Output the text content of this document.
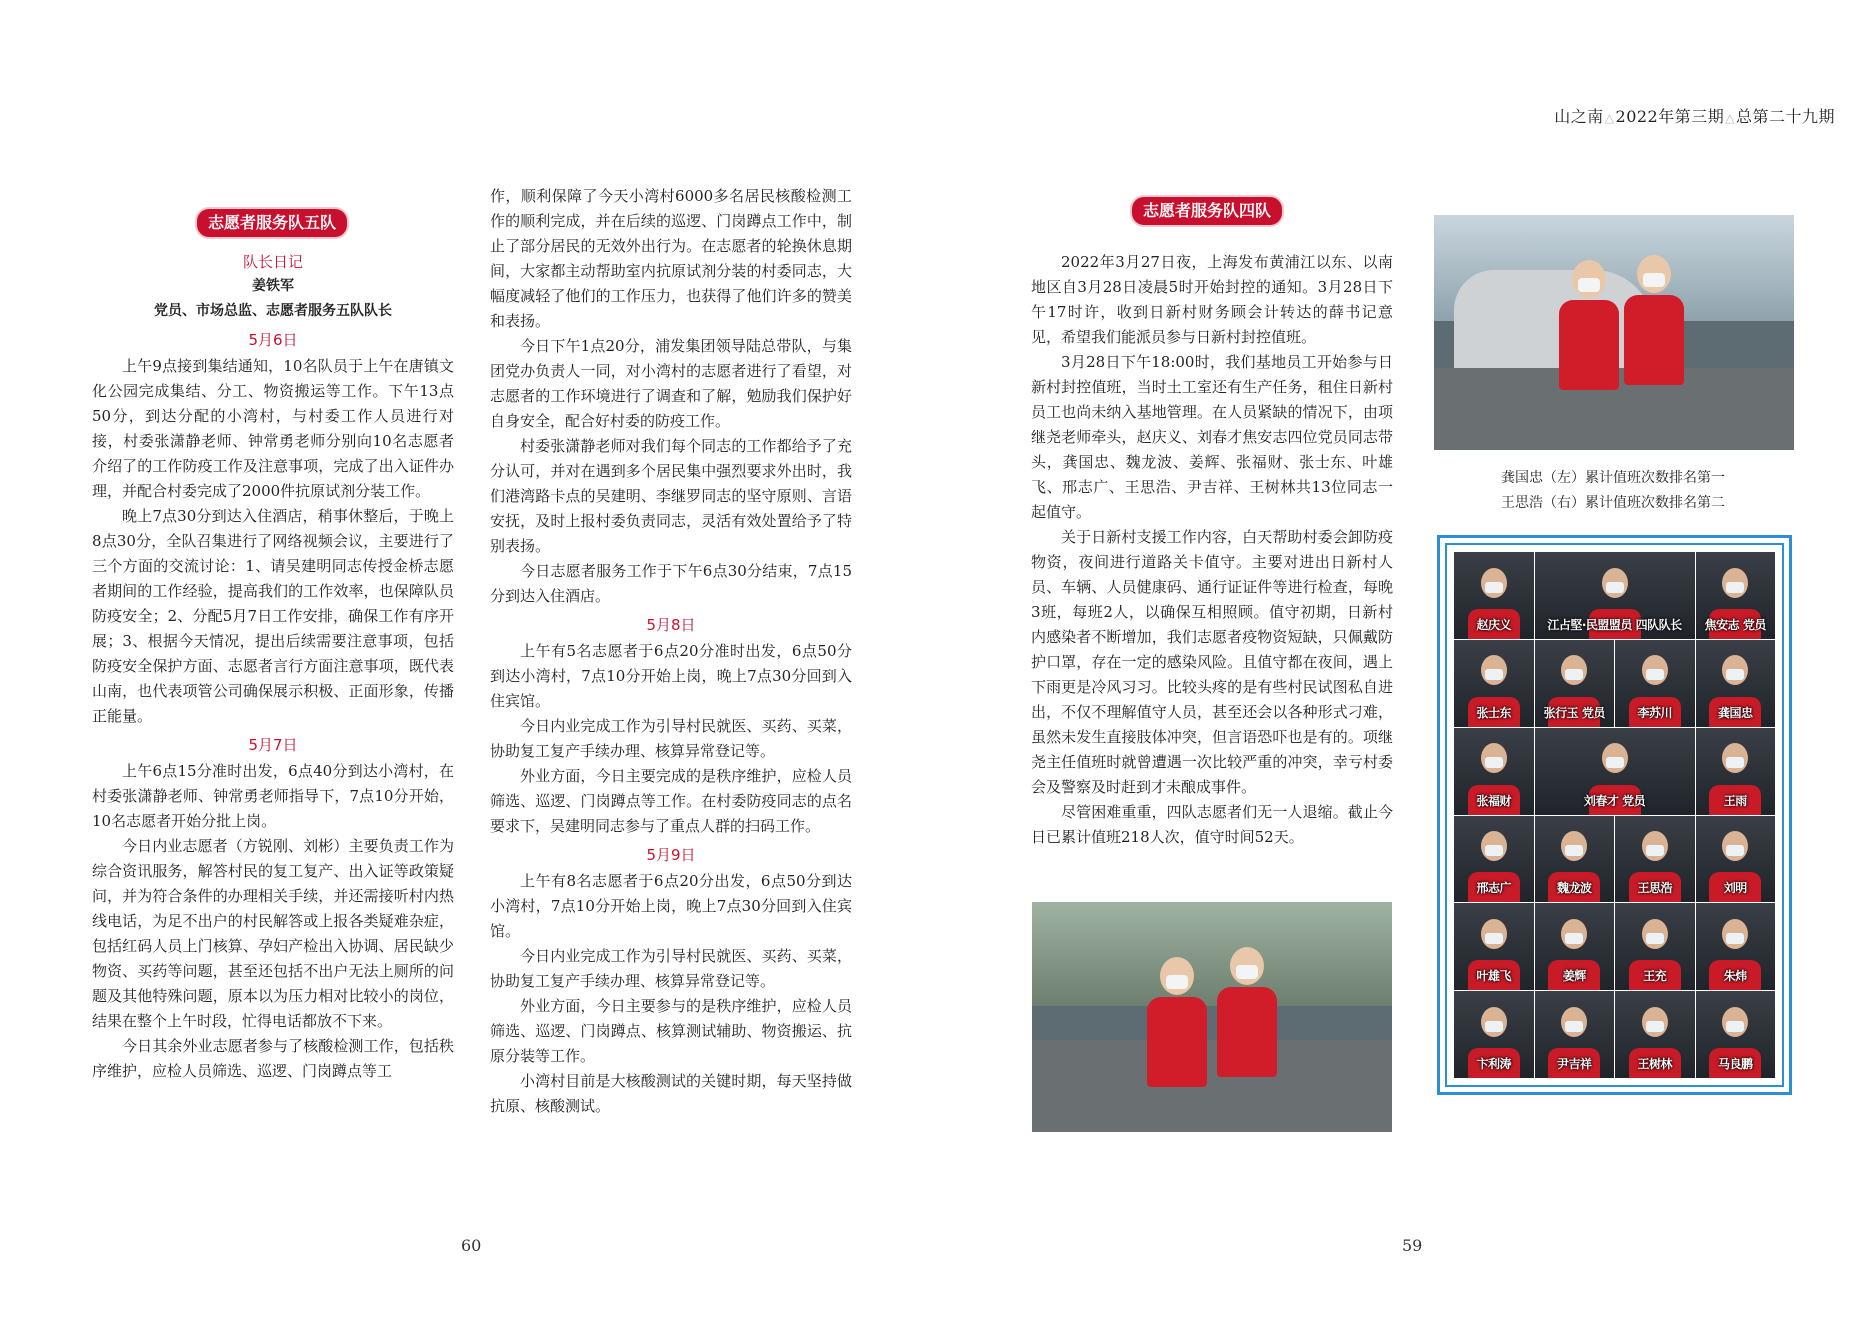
山之南△2022年第三期△总第二十九期
志愿者服务队五队
队长日记
姜铁军
党员、市场总监、志愿者服务五队队长
5月6日

上午9点接到集结通知，10名队员于上午在唐镇文化公园完成集结、分工、物资搬运等工作。下午13点50分，到达分配的小湾村，与村委工作人员进行对接，村委张潇静老师、钟常勇老师分别向10名志愿者介绍了的工作防疫工作及注意事项，完成了出入证件办理，并配合村委完成了2000件抗原试剂分装工作。

晚上7点30分到达入住酒店，稍事休整后，于晚上8点30分，全队召集进行了网络视频会议，主要进行了三个方面的交流讨论：1、请吴建明同志传授金桥志愿者期间的工作经验，提高我们的工作效率，也保障队员防疫安全；2、分配5月7日工作安排，确保工作有序开展；3、根据今天情况，提出后续需要注意事项，包括防疫安全保护方面、志愿者言行方面注意事项，既代表山南，也代表项管公司确保展示积极、正面形象，传播正能量。

5月7日

上午6点15分准时出发，6点40分到达小湾村，在村委张潇静老师、钟常勇老师指导下，7点10分开始，10名志愿者开始分批上岗。

今日内业志愿者（方锐刚、刘彬）主要负责工作为综合资讯服务，解答村民的复工复产、出入证等政策疑问，并为符合条件的办理相关手续，并还需接听村内热线电话，为足不出户的村民解答或上报各类疑难杂症，包括红码人员上门核算、孕妇产检出入协调、居民缺少物资、买药等问题，甚至还包括不出户无法上厕所的问题及其他特殊问题，原本以为压力相对比较小的岗位，结果在整个上午时段，忙得电话都放不下来。

今日其余外业志愿者参与了核酸检测工作，包括秩序维护，应检人员筛选、巡逻、门岗蹲点等工

作，顺利保障了今天小湾村6000多名居民核酸检测工作的顺利完成，并在后续的巡逻、门岗蹲点工作中，制止了部分居民的无效外出行为。在志愿者的轮换休息期间，大家都主动帮助室内抗原试剂分装的村委同志，大幅度减轻了他们的工作压力，也获得了他们许多的赞美和表扬。

今日下午1点20分，浦发集团领导陆总带队，与集团党办负责人一同，对小湾村的志愿者进行了看望，对志愿者的工作环境进行了调查和了解，勉励我们保护好自身安全，配合好村委的防疫工作。

村委张潇静老师对我们每个同志的工作都给予了充分认可，并对在遇到多个居民集中强烈要求外出时，我们港湾路卡点的吴建明、李继罗同志的坚守原则、言语安抚，及时上报村委负责同志，灵活有效处置给予了特别表扬。

今日志愿者服务工作于下午6点30分结束，7点15分到达入住酒店。

5月8日

上午有5名志愿者于6点20分准时出发，6点50分到达小湾村，7点10分开始上岗，晚上7点30分回到入住宾馆。

今日内业完成工作为引导村民就医、买药、买菜，协助复工复产手续办理、核算异常登记等。

外业方面，今日主要完成的是秩序维护，应检人员筛选、巡逻、门岗蹲点等工作。在村委防疫同志的点名要求下，吴建明同志参与了重点人群的扫码工作。

5月9日

上午有8名志愿者于6点20分出发，6点50分到达小湾村，7点10分开始上岗，晚上7点30分回到入住宾馆。

今日内业完成工作为引导村民就医、买药、买菜，协助复工复产手续办理、核算异常登记等。

外业方面，今日主要参与的是秩序维护，应检人员筛选、巡逻、门岗蹲点、核算测试辅助、物资搬运、抗原分装等工作。

小湾村目前是大核酸测试的关键时期，每天坚持做抗原、核酸测试。

60
志愿者服务队四队

2022年3月27日夜，上海发布黄浦江以东、以南地区自3月28日凌晨5时开始封控的通知。3月28日下午17时许，收到日新村财务顾会计转达的薛书记意见，希望我们能派员参与日新村封控值班。

3月28日下午18:00时，我们基地员工开始参与日新村封控值班，当时土工室还有生产任务，租住日新村员工也尚未纳入基地管理。在人员紧缺的情况下，由项继尧老师牵头，赵庆义、刘春才焦安志四位党员同志带头，龚国忠、魏龙波、姜辉、张福财、张士东、叶雄飞、邢志广、王思浩、尹吉祥、王树林共13位同志一起值守。

关于日新村支援工作内容，白天帮助村委会卸防疫物资，夜间进行道路关卡值守。主要对进出日新村人员、车辆、人员健康码、通行证证件等进行检查，每晚3班，每班2人，以确保互相照顾。值守初期，日新村内感染者不断增加，我们志愿者疫物资短缺，只佩戴防护口罩，存在一定的感染风险。且值守都在夜间，遇上下雨更是冷风习习。比较头疼的是有些村民试图私自进出，不仅不理解值守人员，甚至还会以各种形式刁难，虽然未发生直接肢体冲突，但言语恐吓也是有的。项继尧主任值班时就曾遭遇一次比较严重的冲突，幸亏村委会及警察及时赶到才未酿成事件。

尽管困难重重，四队志愿者们无一人退缩。截止今日已累计值班218人次，值守时间52天。

龚国忠（左）累计值班次数排名第一
王思浩（右）累计值班次数排名第二
赵庆义	江占堅·民盟盟员 四队队长	焦安志 党员
张士东	张行玉 党员	李苏川	龚国忠
张福财	刘春才 党员	王雨
邢志广	魏龙波	王思浩	刘明
叶雄飞	姜辉	王充	朱炜
卞利涛	尹吉祥	王树林	马良鹏
59
